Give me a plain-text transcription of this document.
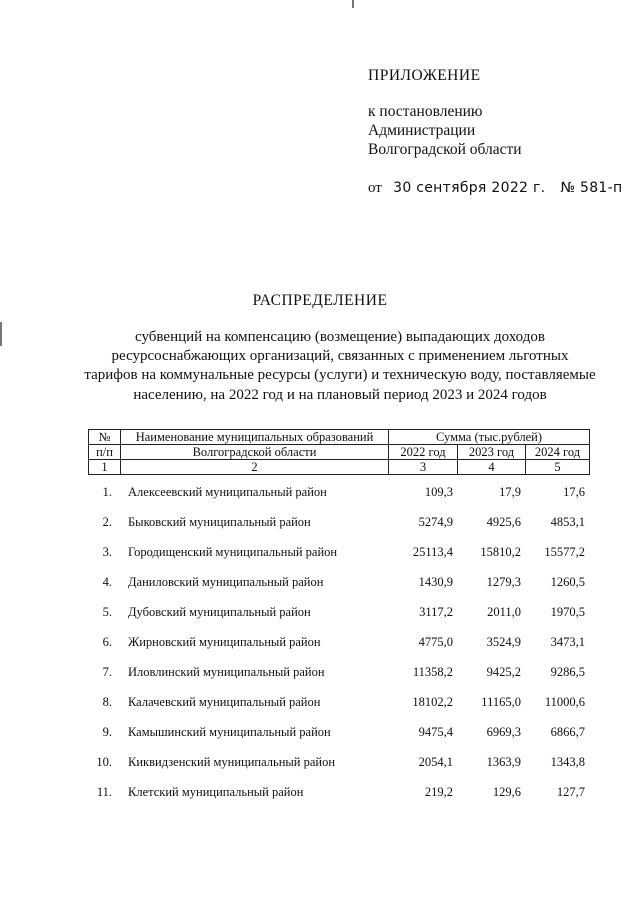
ПРИЛОЖЕНИЕ
к постановлению
Администрации
Волгоградской области
от 30 сентября 2022 г. № 581-п
РАСПРЕДЕЛЕНИЕ
субвенций на компенсацию (возмещение) выпадающих доходов
ресурсоснабжающих организаций, связанных с применением льготных
тарифов на коммунальные ресурсы (услуги) и техническую воду, поставляемые
населению, на 2022 год и на плановый период 2023 и 2024 годов
№	Наименование муниципальных образований	Сумма (тыс.рублей)		
п/п	Волгоградской области	2022 год	2023 год	2024 год
1	2	3	4	5
1.	Алексеевский муниципальный район	109,3	17,9	17,6
2.	Быковский муниципальный район	5274,9	4925,6	4853,1
3.	Городищенский муниципальный район	25113,4	15810,2	15577,2
4.	Даниловский муниципальный район	1430,9	1279,3	1260,5
5.	Дубовский муниципальный район	3117,2	2011,0	1970,5
6.	Жирновский муниципальный район	4775,0	3524,9	3473,1
7.	Иловлинский муниципальный район	11358,2	9425,2	9286,5
8.	Калачевский муниципальный район	18102,2	11165,0	11000,6
9.	Камышинский муниципальный район	9475,4	6969,3	6866,7
10.	Киквидзенский муниципальный район	2054,1	1363,9	1343,8
11.	Клетский муниципальный район	219,2	129,6	127,7
